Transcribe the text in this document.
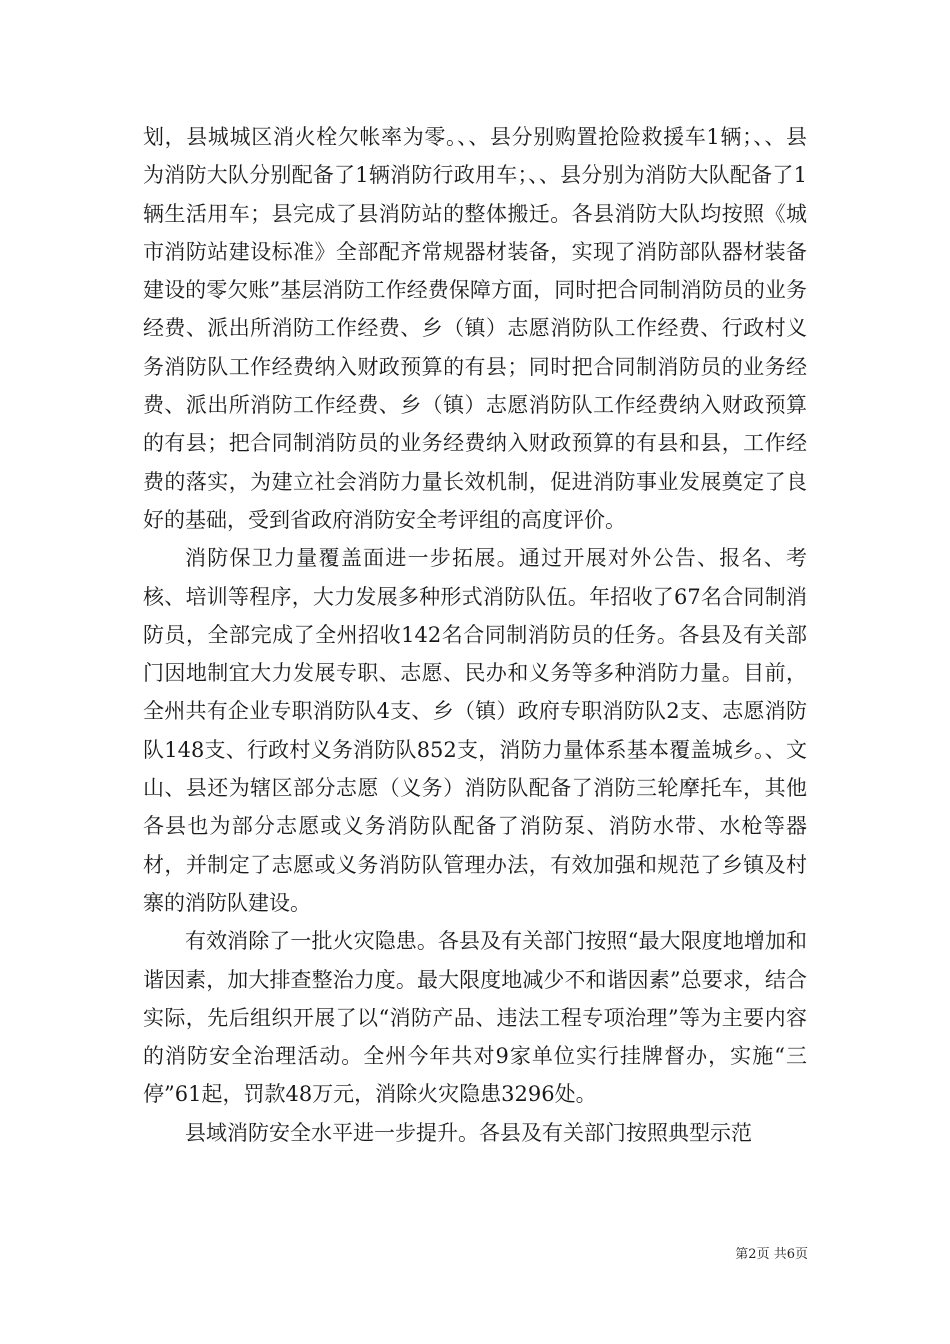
划，县城城区消火栓欠帐率为零。、、县分别购置抢险救援车1辆；、、县为消防大队分别配备了1辆消防行政用车；、、县分别为消防大队配备了1辆生活用车；县完成了县消防站的整体搬迁。各县消防大队均按照《城市消防站建设标准》全部配齐常规器材装备，实现了消防部队器材装备建设的零欠账”基层消防工作经费保障方面，同时把合同制消防员的业务经费、派出所消防工作经费、乡（镇）志愿消防队工作经费、行政村义务消防队工作经费纳入财政预算的有县；同时把合同制消防员的业务经费、派出所消防工作经费、乡（镇）志愿消防队工作经费纳入财政预算的有县；把合同制消防员的业务经费纳入财政预算的有县和县，工作经费的落实，为建立社会消防力量长效机制，促进消防事业发展奠定了良好的基础，受到省政府消防安全考评组的高度评价。

消防保卫力量覆盖面进一步拓展。通过开展对外公告、报名、考核、培训等程序，大力发展多种形式消防队伍。年招收了67名合同制消防员，全部完成了全州招收142名合同制消防员的任务。各县及有关部门因地制宜大力发展专职、志愿、民办和义务等多种消防力量。目前，全州共有企业专职消防队4支、乡（镇）政府专职消防队2支、志愿消防队148支、行政村义务消防队852支，消防力量体系基本覆盖城乡。、文山、县还为辖区部分志愿（义务）消防队配备了消防三轮摩托车，其他各县也为部分志愿或义务消防队配备了消防泵、消防水带、水枪等器材，并制定了志愿或义务消防队管理办法，有效加强和规范了乡镇及村寨的消防队建设。

有效消除了一批火灾隐患。各县及有关部门按照“最大限度地增加和谐因素，加大排查整治力度。最大限度地减少不和谐因素”总要求，结合实际，先后组织开展了以“消防产品、违法工程专项治理”等为主要内容的消防安全治理活动。全州今年共对9家单位实行挂牌督办，实施“三停”61起，罚款48万元，消除火灾隐患3296处。

县域消防安全水平进一步提升。各县及有关部门按照典型示范

第2页 共6页
